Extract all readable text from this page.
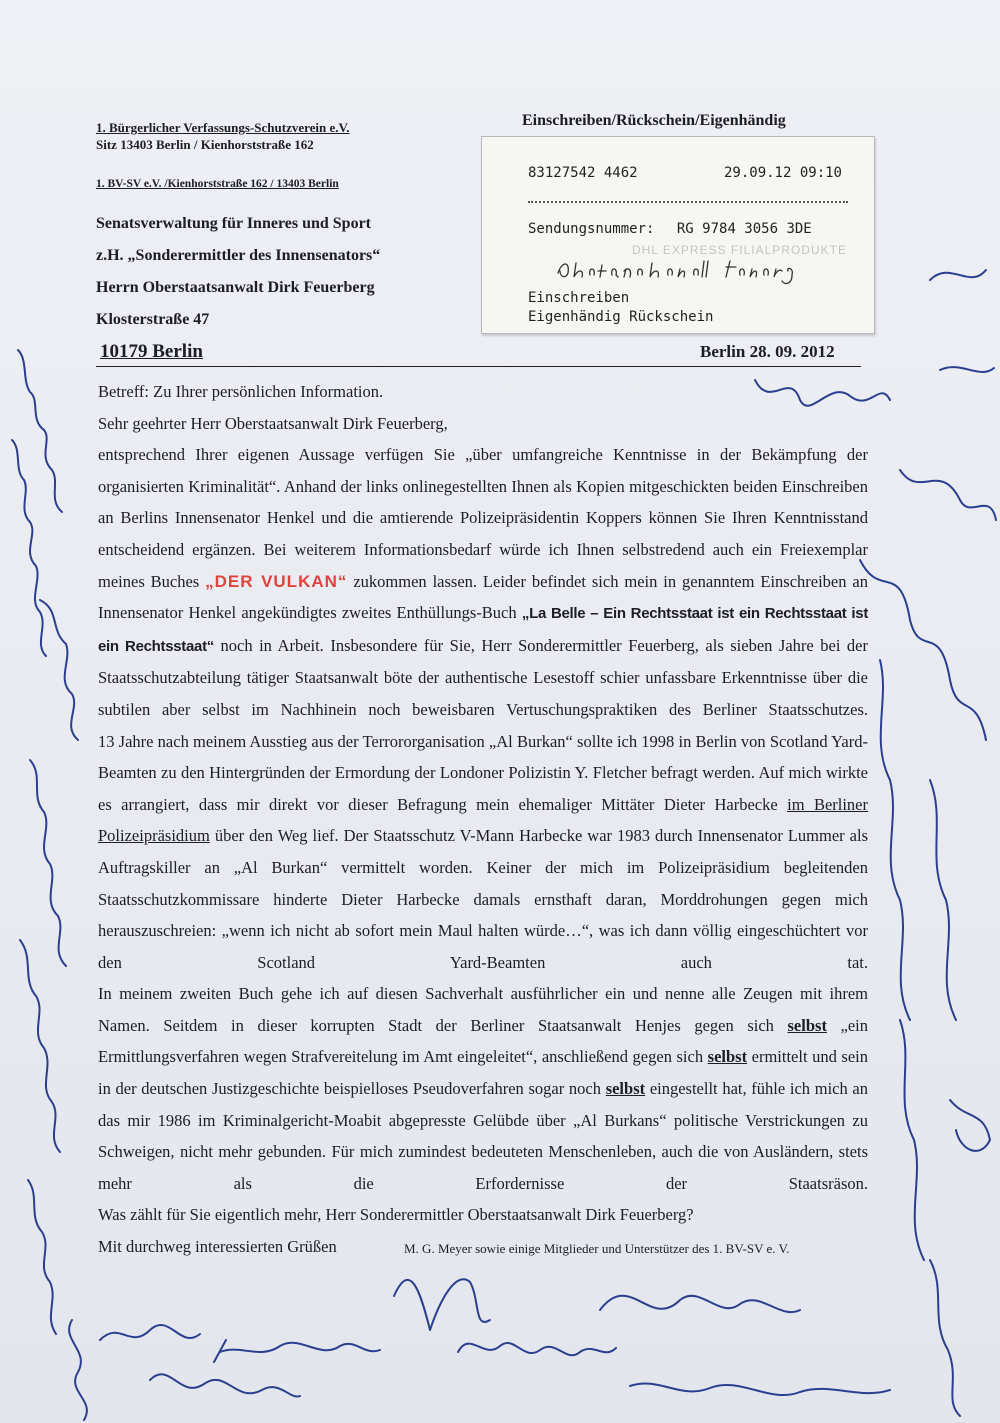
1. Bürgerlicher Verfassungs-Schutzverein e.V.
Sitz 13403 Berlin / Kienhorststraße 162
1. BV-SV e.V. /Kienhorststraße 162 / 13403 Berlin
Senatsverwaltung für Inneres und Sport
z.H. „Sonderermittler des Innensenators“
Herrn Oberstaatsanwalt Dirk Feuerberg
Klosterstraße 47
10179 Berlin	Berlin 28. 09. 2012
Einschreiben/Rückschein/Eigenhändig
83127542 4462	29.09.12 09:10
Sendungsnummer: RG 9784 3056 3DE
DHL EXPRESS FILIALPRODUKTE
Einschreiben
Eigenhändig Rückschein

Betreff: Zu Ihrer persönlichen Information.

Sehr geehrter Herr Oberstaatsanwalt Dirk Feuerberg,

entsprechend Ihrer eigenen Aussage verfügen Sie „über umfangreiche Kenntnisse in der Bekämpfung der organisierten Kriminalität“. Anhand der links onlinegestellten Ihnen als Kopien mitgeschickten beiden Einschreiben an Berlins Innensenator Henkel und die amtierende Polizeipräsidentin Koppers können Sie Ihren Kenntnisstand entscheidend ergänzen. Bei weiterem Informationsbedarf würde ich Ihnen selbstredend auch ein Freiexemplar meines Buches „DER VULKAN“ zukommen lassen. Leider befindet sich mein in genanntem Einschreiben an Innensenator Henkel angekündigtes zweites Enthüllungs-Buch „La Belle – Ein Rechtsstaat ist ein Rechtsstaat ist ein Rechtsstaat“ noch in Arbeit. Insbesondere für Sie, Herr Sonderermittler Feuerberg, als sieben Jahre bei der Staatsschutzabteilung tätiger Staatsanwalt böte der authentische Lesestoff schier unfassbare Erkenntnisse über die subtilen aber selbst im Nachhinein noch beweisbaren Vertuschungspraktiken des Berliner Staatsschutzes.

13 Jahre nach meinem Ausstieg aus der Terrororganisation „Al Burkan“ sollte ich 1998 in Berlin von Scotland Yard-Beamten zu den Hintergründen der Ermordung der Londoner Polizistin Y. Fletcher befragt werden. Auf mich wirkte es arrangiert, dass mir direkt vor dieser Befragung mein ehemaliger Mittäter Dieter Harbecke im Berliner Polizeipräsidium über den Weg lief. Der Staatsschutz V-Mann Harbecke war 1983 durch Innensenator Lummer als Auftragskiller an „Al Burkan“ vermittelt worden. Keiner der mich im Polizeipräsidium begleitenden Staatsschutzkommissare hinderte Dieter Harbecke damals ernsthaft daran, Morddrohungen gegen mich herauszuschreien: „wenn ich nicht ab sofort mein Maul halten würde…“, was ich dann völlig eingeschüchtert vor den Scotland Yard-Beamten auch tat.

In meinem zweiten Buch gehe ich auf diesen Sachverhalt ausführlicher ein und nenne alle Zeugen mit ihrem Namen. Seitdem in dieser korrupten Stadt der Berliner Staatsanwalt Henjes gegen sich selbst „ein Ermittlungsverfahren wegen Strafvereitelung im Amt eingeleitet“, anschließend gegen sich selbst ermittelt und sein in der deutschen Justizgeschichte beispielloses Pseudoverfahren sogar noch selbst eingestellt hat, fühle ich mich an das mir 1986 im Kriminalgericht-Moabit abgepresste Gelübde über „Al Burkans“ politische Verstrickungen zu Schweigen, nicht mehr gebunden. Für mich zumindest bedeuteten Menschenleben, auch die von Ausländern, stets mehr als die Erfordernisse der Staatsräson.

Was zählt für Sie eigentlich mehr, Herr Sonderermittler Oberstaatsanwalt Dirk Feuerberg?

Mit durchweg interessierten Grüßen	M. G. Meyer sowie einige Mitglieder und Unterstützer des 1. BV-SV e. V.
